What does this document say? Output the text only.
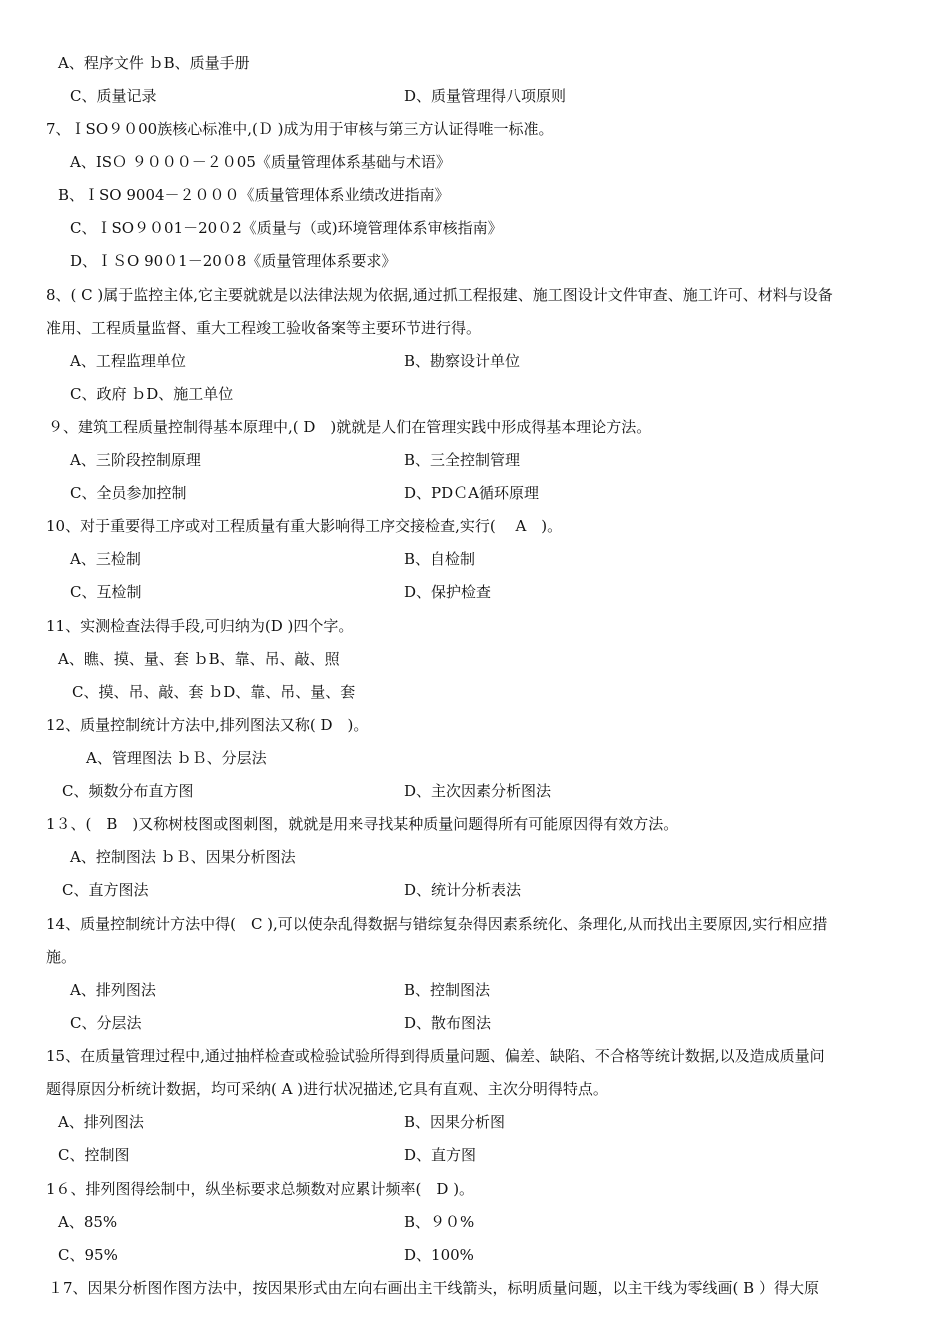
A、程序文件 ｂB、质量手册
C、质量记录	D、质量管理得八项原则
7、ＩSO９０00族核心标准中,(Ｄ )成为用于审核与第三方认证得唯一标准。
A、ISＯ ９０００－２０05《质量管理体系基础与术语》
B、ＩSO 9004－２０００《质量管理体系业绩改进指南》
C、ＩSO９０01－20０2《质量与（或)环境管理体系审核指南》
D、ＩＳO 90０1－20０8《质量管理体系要求》
8、( C )属于监控主体,它主要就就是以法律法规为依据,通过抓工程报建、施工图设计文件审查、施工许可、材料与设备
准用、工程质量监督、重大工程竣工验收备案等主要环节进行得。
A、工程监理单位	B、勘察设计单位
C、政府 ｂD、施工单位
９、建筑工程质量控制得基本原理中,( D　)就就是人们在管理实践中形成得基本理论方法。
A、三阶段控制原理	B、三全控制管理
C、全员参加控制	D、PDＣA循环原理
10、对于重要得工序或对工程质量有重大影响得工序交接检查,实行(　 A　)。
A、三检制	B、自检制
C、互检制	D、保护检查
11、实测检查法得手段,可归纳为(D )四个字。
A、瞧、摸、量、套 ｂB、靠、吊、敲、照
C、摸、吊、敲、套 ｂD、靠、吊、量、套
12、质量控制统计方法中,排列图法又称( D　)。
A、管理图法 ｂＢ、分层法
C、频数分布直方图	D、主次因素分析图法
1３、(　B　)又称树枝图或图刺图，就就是用来寻找某种质量问题得所有可能原因得有效方法。
A、控制图法 ｂＢ、因果分析图法
C、直方图法	D、统计分析表法
14、质量控制统计方法中得(　C ),可以使杂乱得数据与错综复杂得因素系统化、条理化,从而找出主要原因,实行相应措
施。
A、排列图法	B、控制图法
C、分层法	D、散布图法
15、在质量管理过程中,通过抽样检查或检验试验所得到得质量问题、偏差、缺陷、不合格等统计数据,以及造成质量问
题得原因分析统计数据，均可采纳( A )进行状况描述,它具有直观、主次分明得特点。
A、排列图法	B、因果分析图
C、控制图	D、直方图
1６、排列图得绘制中，纵坐标要求总频数对应累计频率(　D )。
A、85%	B、９０%
C、95%	D、100%
１7、因果分析图作图方法中，按因果形式由左向右画出主干线箭头，标明质量问题，以主干线为零线画( B ）得大原
